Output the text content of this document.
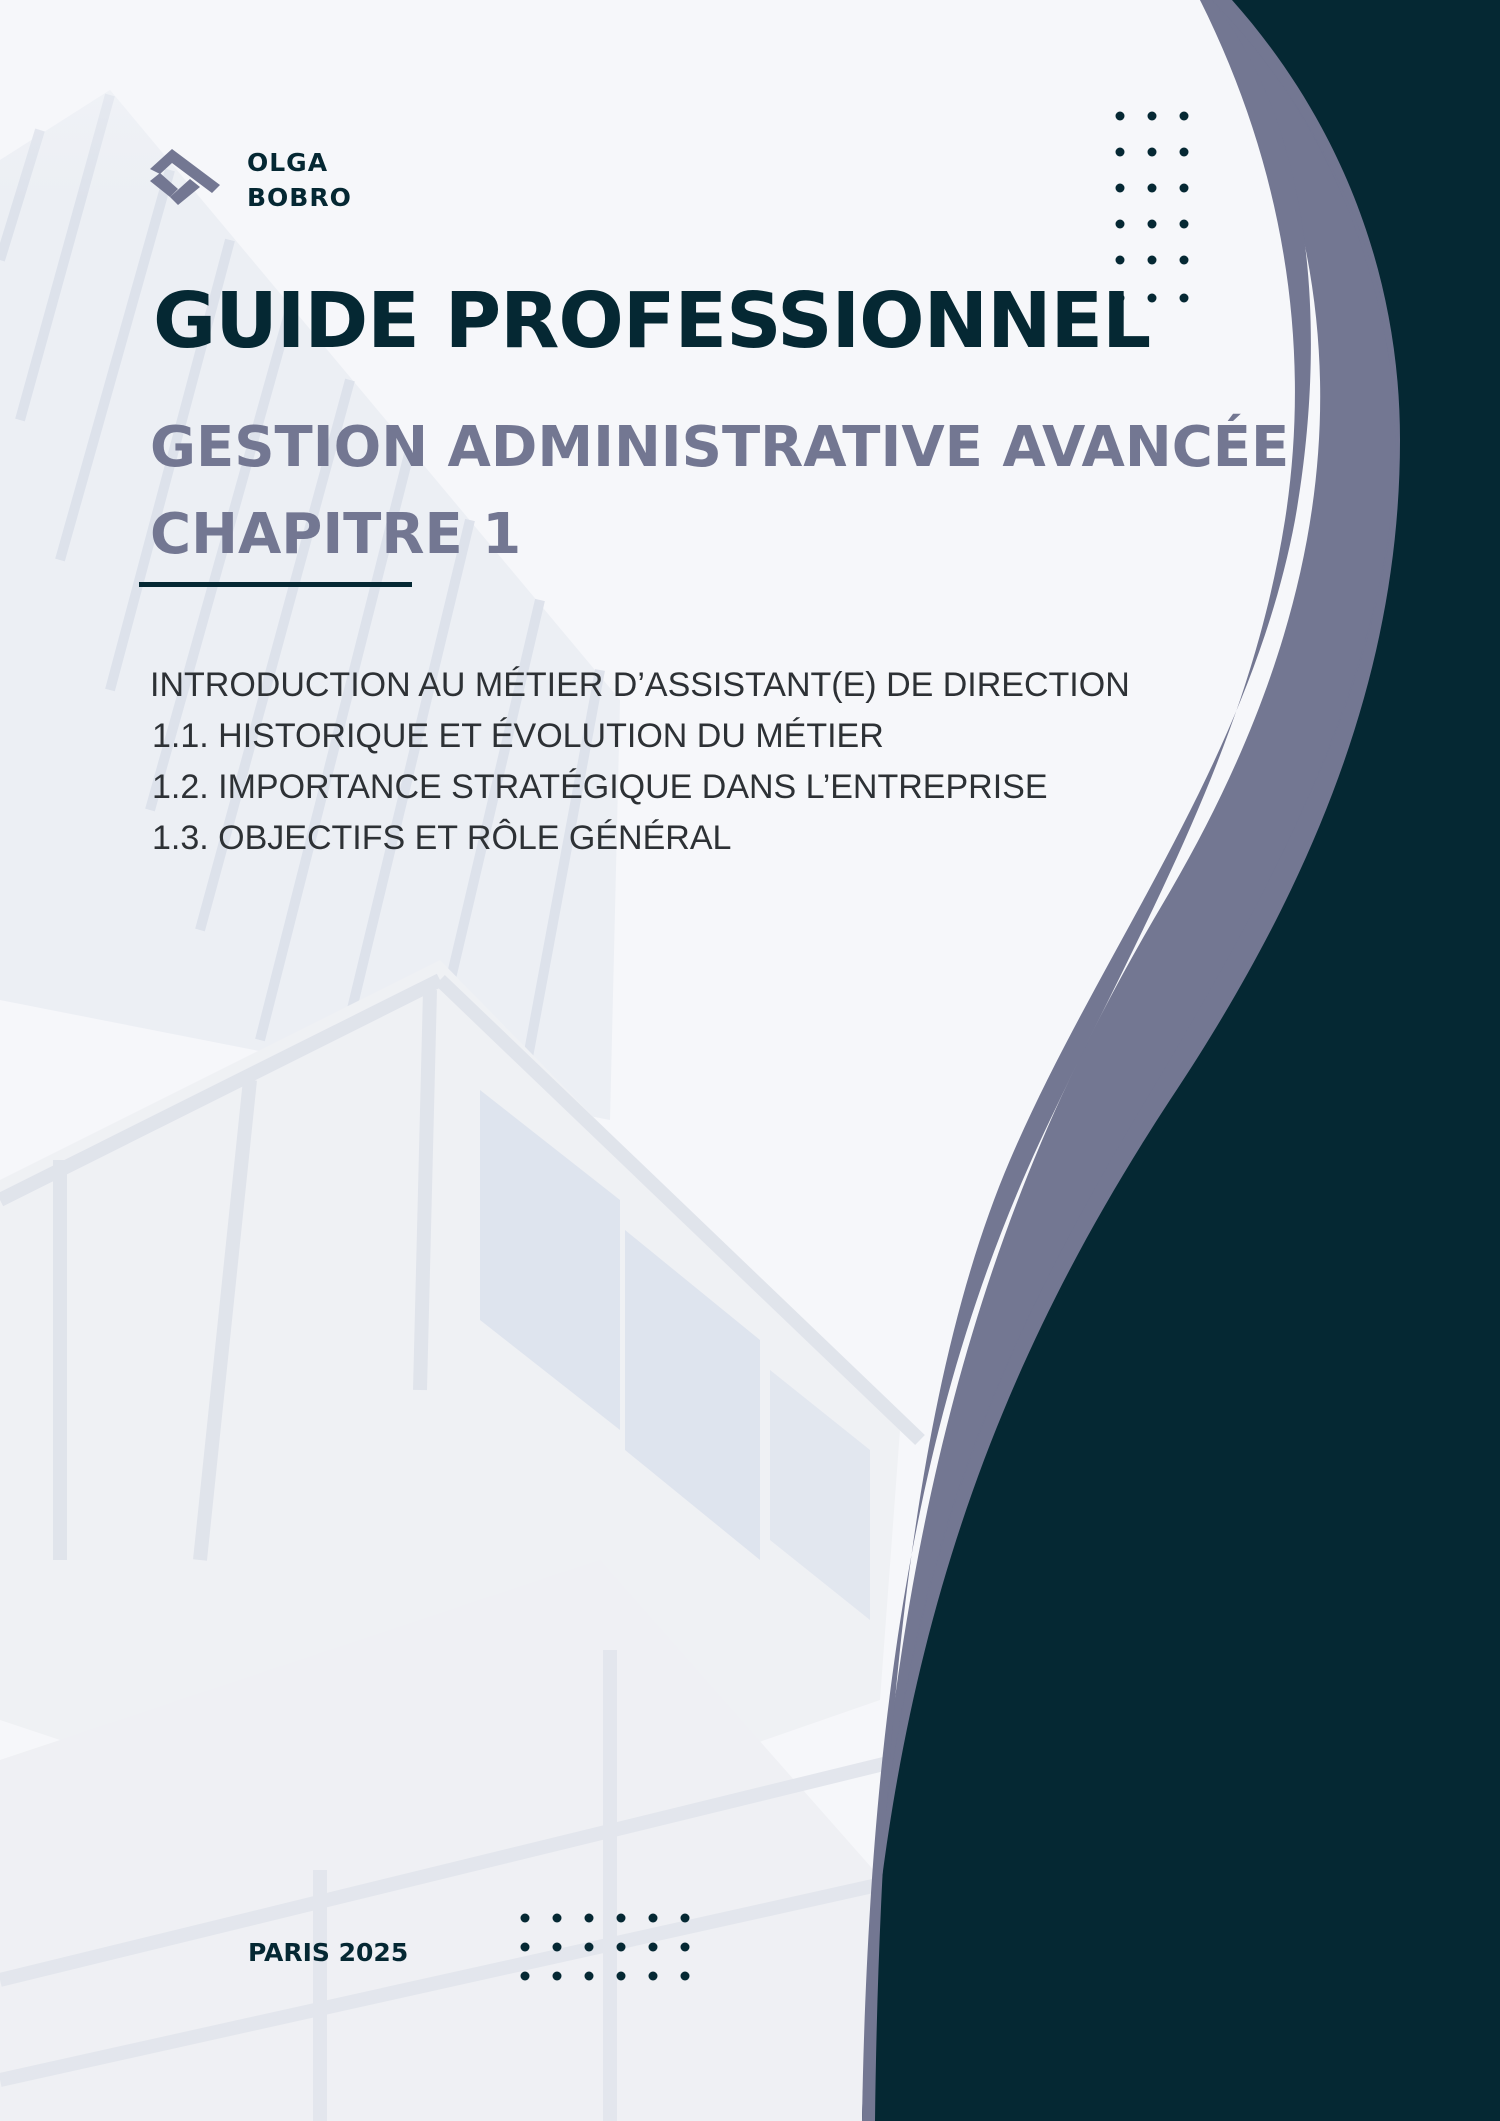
OLGA
BOBRO
GUIDE PROFESSIONNEL
GESTION ADMINISTRATIVE AVANCÉE
CHAPITRE 1
INTRODUCTION AU MÉTIER D’ASSISTANT(E) DE DIRECTION
1.1. HISTORIQUE ET ÉVOLUTION DU MÉTIER
1.2. IMPORTANCE STRATÉGIQUE DANS L’ENTREPRISE
1.3. OBJECTIFS ET RÔLE GÉNÉRAL
PARIS 2025
